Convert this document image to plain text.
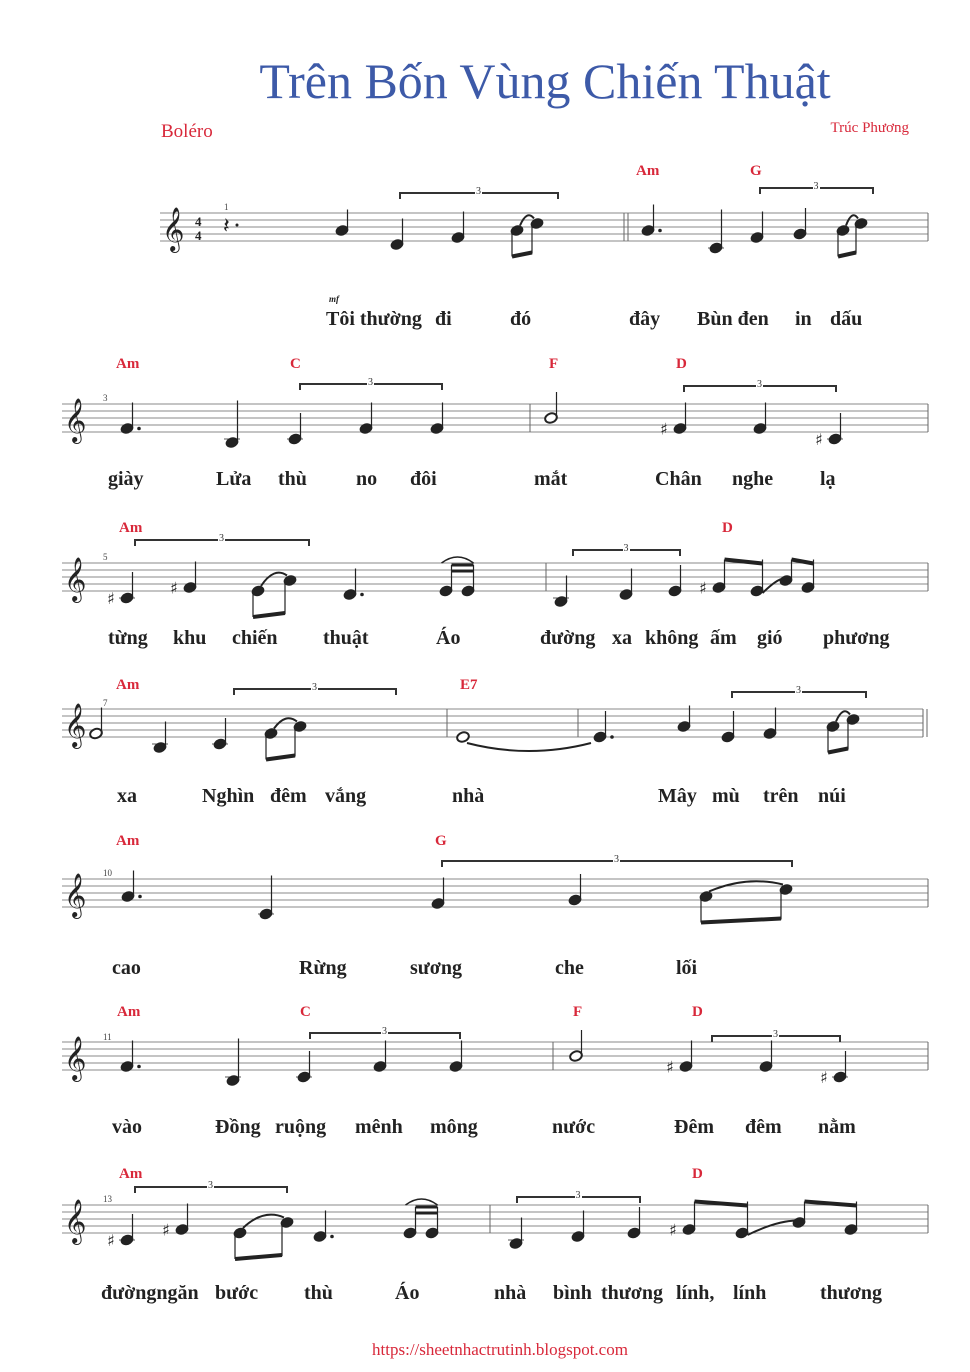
Trên Bốn Vùng Chiến Thuật
Boléro	Trúc Phương
𝄞 4
4 𝄽
𝄞	♯
♯
𝄞 ♯
♯	♯
𝄞
𝄞
𝄞	♯
♯
𝄞 ♯
♯	♯
3	3
1
Am	G
Tôi thường đi	đó	đây Bùn đen in dấu
mf
3	3
3
Am	C	F	D
giày	Lửa thù no đôi	mắt	Chân nghe lạ
3
3
5
Am	D
từng khu chiến thuật	Áo	đường xa không ấm gió phương
3	3
7
Am	E7
xa	Nghìn đêm vắng	nhà	Mây mù trên núi
3
10
Am	G
cao	Rừng	sương	che	lối
3	3
11
Am	C	F	D
vào	Đồng ruộng mênh mông	nước	Đêm đêm nằm
3
3
13
Am	D
đườngngăn bước thù	Áo	nhà bình thương lính, lính	thương
https://sheetnhactrutinh.blogspot.com
